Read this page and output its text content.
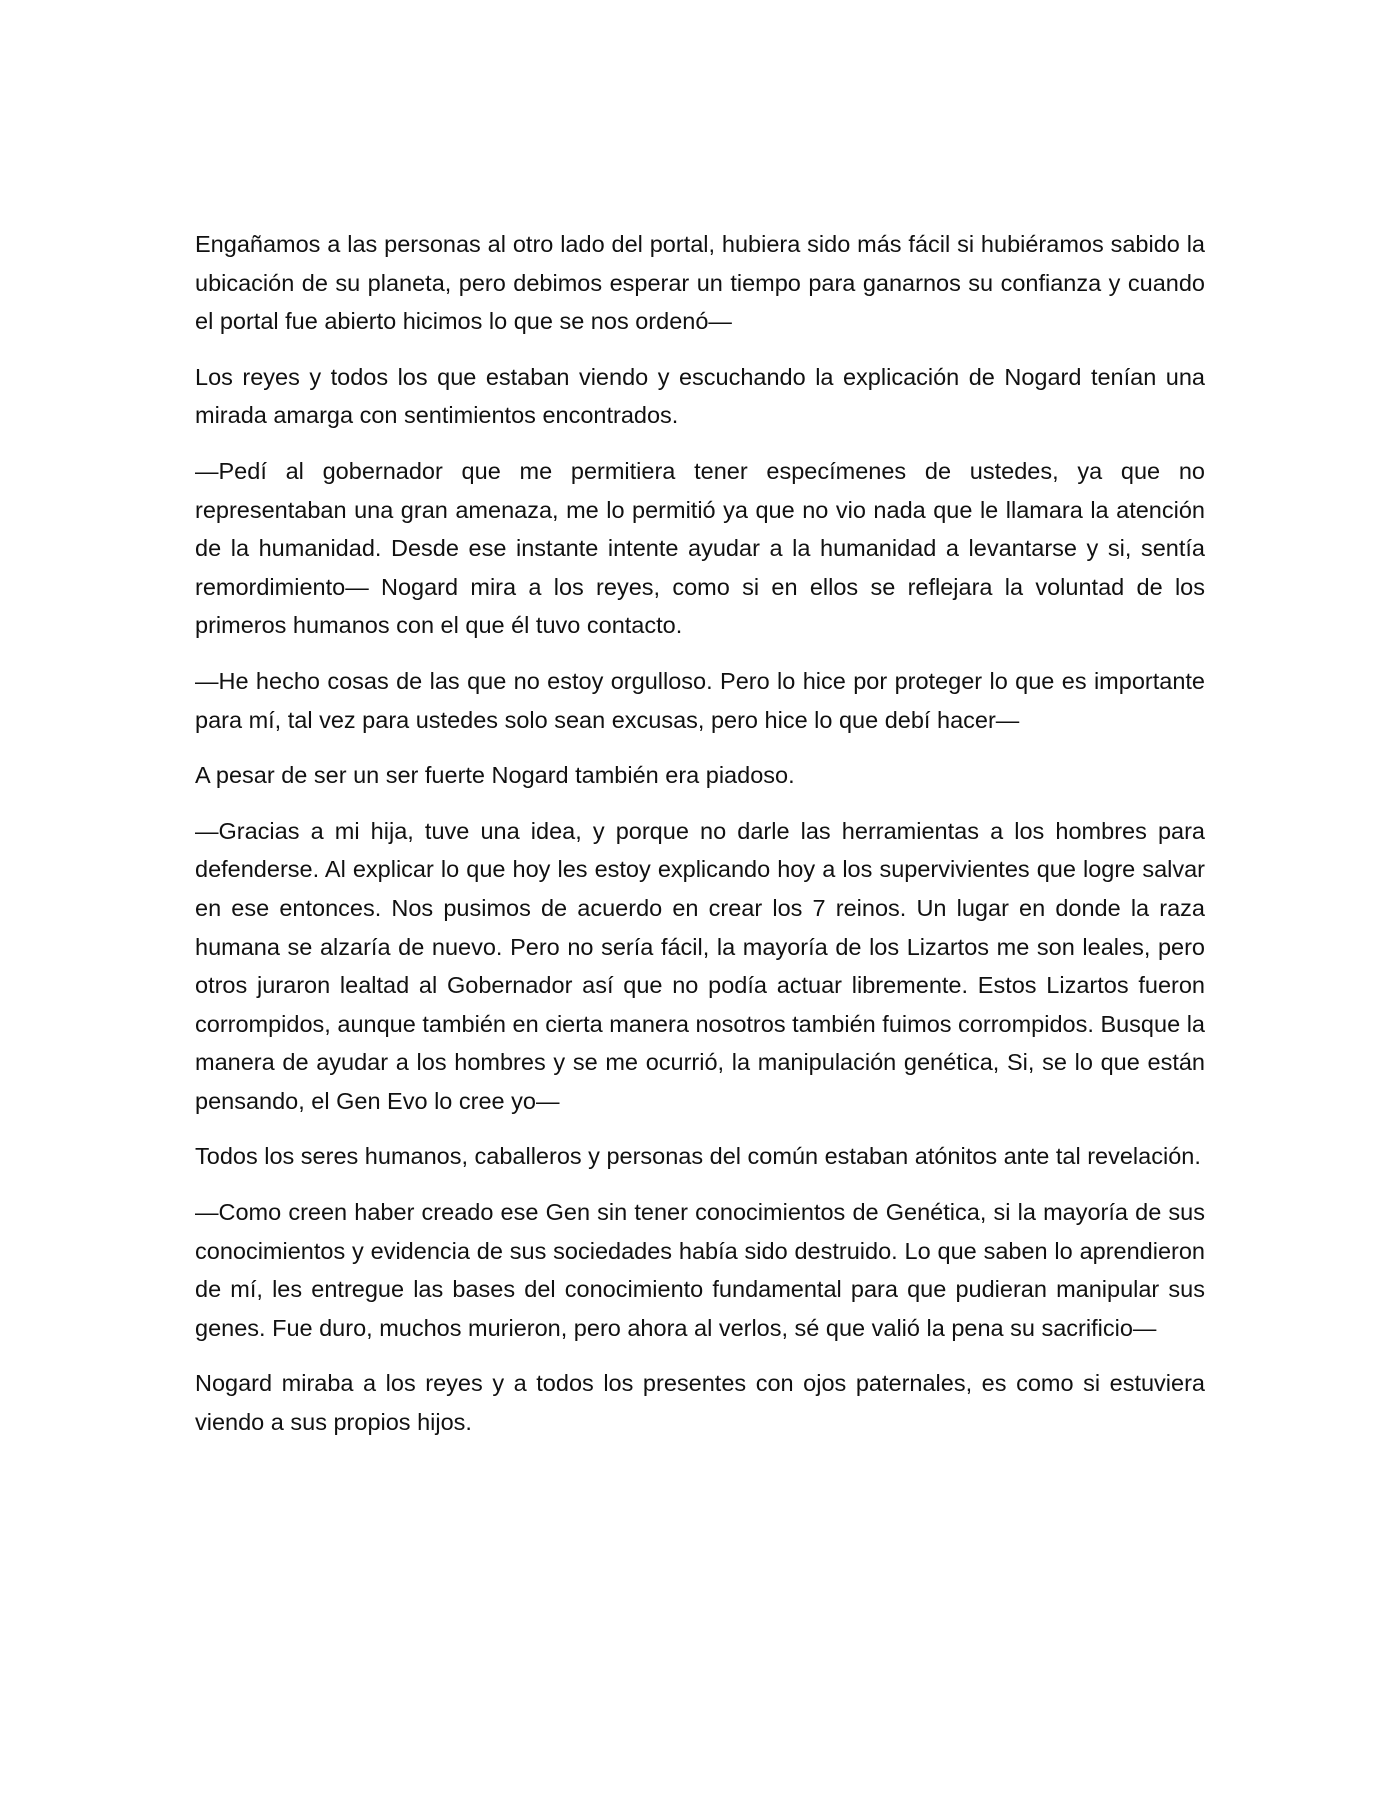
Engañamos a las personas al otro lado del portal, hubiera sido más fácil si hubiéramos sabido la ubicación de su planeta, pero debimos esperar un tiempo para ganarnos su confianza y cuando el portal fue abierto hicimos lo que se nos ordenó—

Los reyes y todos los que estaban viendo y escuchando la explicación de Nogard tenían una mirada amarga con sentimientos encontrados.

—Pedí al gobernador que me permitiera tener especímenes de ustedes, ya que no representaban una gran amenaza, me lo permitió ya que no vio nada que le llamara la atención de la humanidad. Desde ese instante intente ayudar a la humanidad a levantarse y si, sentía remordimiento— Nogard mira a los reyes, como si en ellos se reflejara la voluntad de los primeros humanos con el que él tuvo contacto.

—He hecho cosas de las que no estoy orgulloso. Pero lo hice por proteger lo que es importante para mí, tal vez para ustedes solo sean excusas, pero hice lo que debí hacer—

A pesar de ser un ser fuerte Nogard también era piadoso.

—Gracias a mi hija, tuve una idea, y porque no darle las herramientas a los hombres para defenderse. Al explicar lo que hoy les estoy explicando hoy a los supervivientes que logre salvar en ese entonces. Nos pusimos de acuerdo en crear los 7 reinos. Un lugar en donde la raza humana se alzaría de nuevo. Pero no sería fácil, la mayoría de los Lizartos me son leales, pero otros juraron lealtad al Gobernador así que no podía actuar libremente. Estos Lizartos fueron corrompidos, aunque también en cierta manera nosotros también fuimos corrompidos. Busque la manera de ayudar a los hombres y se me ocurrió, la manipulación genética, Si, se lo que están pensando, el Gen Evo lo cree yo—

Todos los seres humanos, caballeros y personas del común estaban atónitos ante tal revelación.

—Como creen haber creado ese Gen sin tener conocimientos de Genética, si la mayoría de sus conocimientos y evidencia de sus sociedades había sido destruido. Lo que saben lo aprendieron de mí, les entregue las bases del conocimiento fundamental para que pudieran manipular sus genes. Fue duro, muchos murieron, pero ahora al verlos, sé que valió la pena su sacrificio—

Nogard miraba a los reyes y a todos los presentes con ojos paternales, es como si estuviera viendo a sus propios hijos.
